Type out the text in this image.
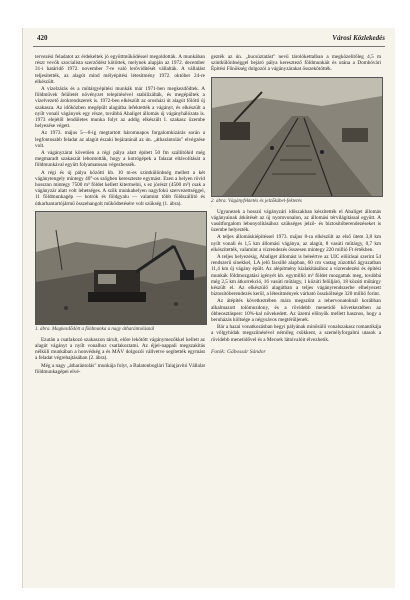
420	Városi Közlekedés

tervezési feladatot az érdekeltek jó együttműködéssel megoldották. A munkában részt vevők szocialista szerződést kötöttek, melynek alapján az 1972. december 31-i határidő 1972. november 7-re való leröviditését vállalták. A vállalást teljesítették, az alagút mind mélyépítési létesítmény 1972. október 24-re elkészült.

A vízelzárás és a műtárgyépítési munkák már 1971-ben megkezdődtek. A földművek felületét növényzet telepítésével stabilizálták, és megépültek a vízelvezető árokrendszerek is. 1972-ben elkészült az orosházi út alagút fölötti új szakasza. Az időközben megépült alagútba lefektették a vágányt, és elkészült a nyílt vonali vágányok egy része, továbbá Abaliget állomás új vágányhálózata is. 1973 elejétől lendületes munka folyt az addig elkészült I. szakasz üzembe helyezése végett.

Az 1973. május 5—8-ig megtartott háromnapos forgalomkizárás során a legfontosabb feladat az alagút északi bejáratánál az ún. „átharántolás" elvégzése volt.

A vágányzárat követően a régi pálya alatt épített 50 fm szállítóhíd még megmaradt szakaszát lebontották, hogy a kotrógépek a falazat eltávolítását a földmunkával együtt folyamatosan végezhessék.

A régi és új pálya közötti kb. 10 m-es szintkülönbség mellett a két vágánytengely mintegy 40°-os szögben keresztezte egymást. Ezen a helyen rövid hossznn mintegy 7500 m³ földet kellett kitermelni, s ez jórészt (4500 m³) csak a vágányzár alatt volt lehetséges. A szűk munkahelyen nagyfokú szervezettséggel, 11 földmunkagép — kotrók és földgyalu — valamint több földszállító és útkarbantartójármű összehangolt működtetésére volt szükség (1. ábra).

1. ábra. Magkezdődött a földmunka a nagy átharántolásnál

Ezután a csatlakozó szakaszon tárult, előre lekötött vágánymezőkkel kellett az alagút vágányt a nyílt vonalhoz csatlakoztatni. Az éjjel-nappali megszakítás nélküli munkában a honvédség a és MÁV dolgozói vállvetve segítették egymást a feladat végrehajtásában (2. ábra).

Még a nagy „átharántolás" munkája folyt, a Balatonboglári Talajjavító Vállalat földmunkagépei elvé-

gezték az ún. „bucsúztatást" nevű tárolókettalban a megközelítőleg 4,5 m szintkülönbséggel bejáró pálya keresztező földmunkáit és utána a Dombóvári Építési Főnökség dolgozói a vágányzárakat összekötötték.

2. ábra. Vágányfektetés és jelzőkábel-fektetés

Ugyanezek a hosszú vágányzári időszakban készítették el Abaliget állomás vágányainak átkötését az új nyomvonalon, az állomási térvilágítással együtt. A vasútforgalom lebonyolításához szükséges jelző- és biztosítóberendezéseket is üzembe helyezték.

A teljes állomáskiépítéssel 1973. május 8-ra elkészült az első ütem 3,8 km nyílt vonali és 1,5 km állomási vágánya, az alagút, 8 vasúti műtárgy, 0,7 km elkészítették, valamint a vízrendezés összesen mintegy 220 millió Ft értékben.

A teljes helyezésig, Abaliget állomást is beleértve az UIC előírásai szerint 54 rendszerű sínekkel, LA jelű facsillé alapban, 60 cm vastag zúzottkő ágyazatban 11,4 km új vágány épült. Az alépítmény kialakításához a vízrendezési és építési munkák földmozgatási igényét kb. egymillió m³ földet mozgattak meg, továbbá még 2,5 km átkorrekció, 16 vasúti műtárgy, 1 közúti felüljáró, 18 közúti műtárgy készült el. Az elkészülő alagútban a teljes vágányrendszerbe elhelyezett biztosítóberendezés kerül, a létesítmények várható összköltsége 320 millió forint.

Az átépítés következtében mára megszűnt a tehervonatoknál korábban alkalmazott tolómozdony, és a rövidebb menetidő következtében az óbbeosztásperc 10%-kal növekedett. Az üzemi előnyök mellett hasznos, hogy a beruházás költsége a négysávos megtérüljenek.

Bár a hazai vonatkozásban hegyi pályának minősülő vonalszakasz romantikája a völgyhídak megszűnésével némileg csökkent, a személyforgalmi utasok a rövidebb menetidővel és a Mecsek látnivalóit élvezhetik.

Fotók: Gábossár Sándor
